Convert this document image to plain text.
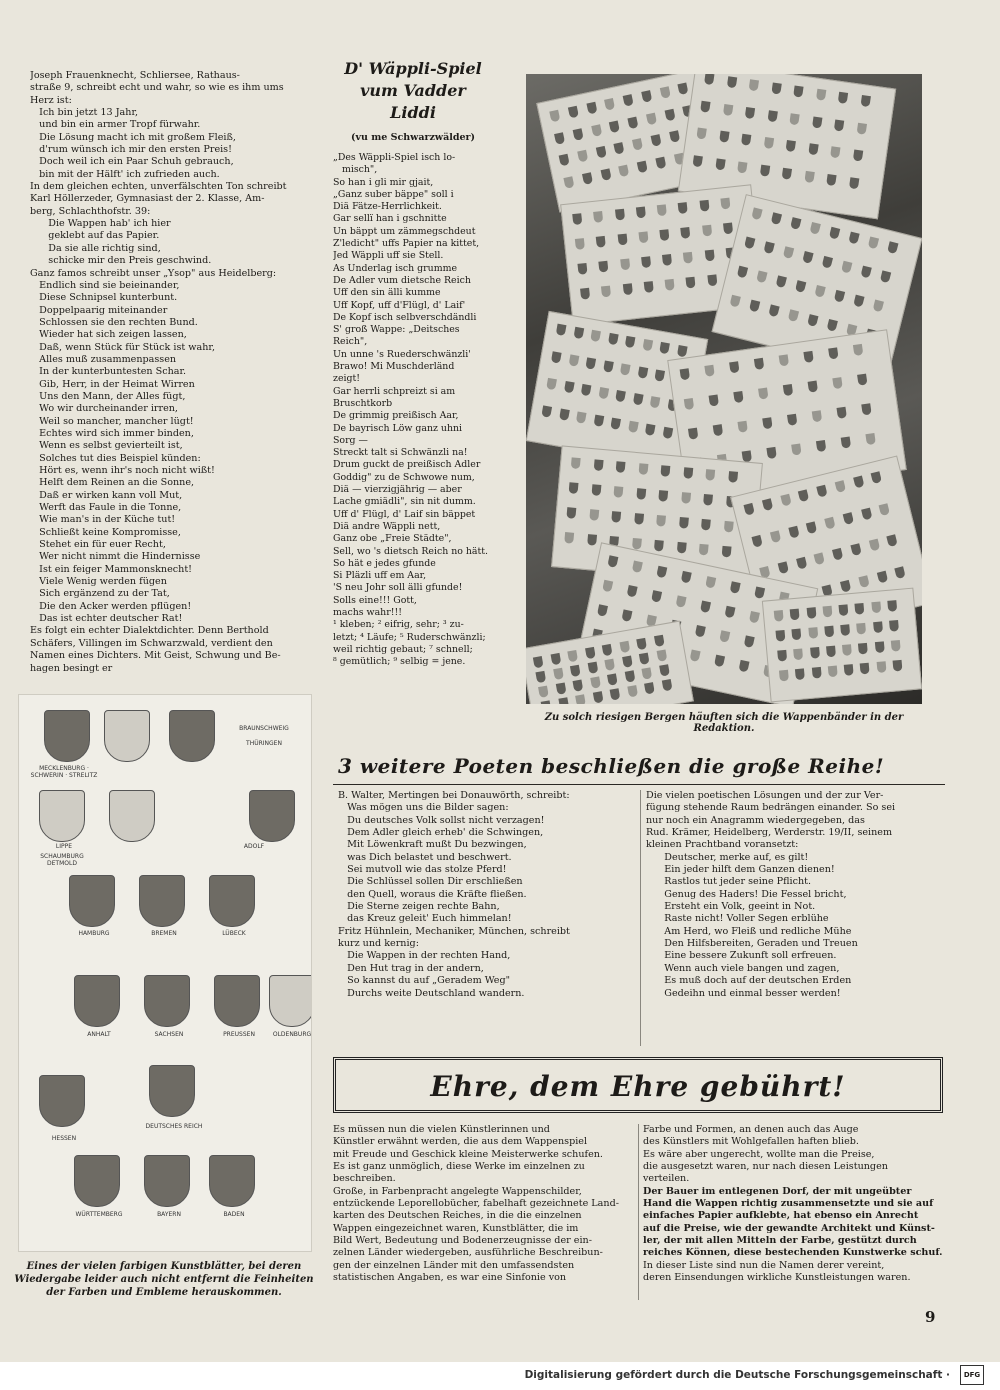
Joseph Frauenknecht, Schliersee, Rathaus-
straße 9, schreibt echt und wahr, so wie es ihm ums
Herz ist:
Ich bin jetzt 13 Jahr,
und bin ein armer Tropf fürwahr.
Die Lösung macht ich mit großem Fleiß,
d'rum wünsch ich mir den ersten Preis!
Doch weil ich ein Paar Schuh gebrauch,
bin mit der Hälft' ich zufrieden auch.
In dem gleichen echten, unverfälschten Ton schreibt
Karl Höllerzeder, Gymnasiast der 2. Klasse, Am-
berg, Schlachthofstr. 39:
Die Wappen hab' ich hier
geklebt auf das Papier.
Da sie alle richtig sind,
schicke mir den Preis geschwind.
Ganz famos schreibt unser „Ysop" aus Heidelberg:
Endlich sind sie beieinander,
Diese Schnipsel kunterbunt.
Doppelpaarig miteinander
Schlossen sie den rechten Bund.
Wieder hat sich zeigen lassen,
Daß, wenn Stück für Stück ist wahr,
Alles muß zusammenpassen
In der kunterbuntesten Schar.
Gib, Herr, in der Heimat Wirren
Uns den Mann, der Alles fügt,
Wo wir durcheinander irren,
Weil so mancher, mancher lügt!
Echtes wird sich immer binden,
Wenn es selbst gevierteilt ist,
Solches tut dies Beispiel künden:
Hört es, wenn ihr's noch nicht wißt!
Helft dem Reinen an die Sonne,
Daß er wirken kann voll Mut,
Werft das Faule in die Tonne,
Wie man's in der Küche tut!
Schließt keine Kompromisse,
Stehet ein für euer Recht,
Wer nicht nimmt die Hindernisse
Ist ein feiger Mammonsknecht!
Viele Wenig werden fügen
Sich ergänzend zu der Tat,
Die den Acker werden pflügen!
Das ist echter deutscher Rat!
Es folgt ein echter Dialektdichter. Denn Berthold
Schäfers, Villingen im Schwarzwald, verdient den
Namen eines Dichters. Mit Geist, Schwung und Be-
hagen besingt er
D' Wäppli-Spiel vum Vadder Liddi
(vu me Schwarzwälder)
„Des Wäppli-Spiel isch lo-
misch",
So han i gli mir gjait,
„Ganz suber bäppe" soll i
Diä Fätze-Herrlichkeit.
Gar sellï han i gschnitte
Un bäppt um zämmegschdeut
Z'ledicht" uffs Papier na kittet,
Jed Wäppli uff sie Stell.
As Underlag isch grumme
De Adler vum dietsche Reich
Uff den sin älli kumme
Uff Kopf, uff d'Flügl, d' Laif'
De Kopf isch selbverschdändli
S' groß Wappe: „Deitsches
Reich",
Un unne 's Ruederschwänzli'
Brawo! Mi Muschderländ
zeigt!
Gar herrli schpreizt si am
Bruschtkorb
De grimmig preißisch Aar,
De bayrisch Löw ganz uhni
Sorg —
Streckt talt si Schwänzli na!
Drum guckt de preißisch Adler
Goddig" zu de Schwowe num,
Diä — vierzigjährig — aber
Lache gmiädli", sin nit dumm.
Uff d' Flügl, d' Laif sin bäppet
Diä andre Wäppli nett,
Ganz obe „Freie Städte",
Sell, wo 's dietsch Reich no hätt.
So hät e jedes gfunde
Si Pläzli uff em Aar,
'S neu Johr soll älli gfunde!
Solls eine!!! Gott,
machs wahr!!!
¹ kleben; ² eifrig, sehr; ³ zu-
letzt; ⁴ Läufe; ⁵ Ruderschwänzli;
weil richtig gebaut; ⁷ schnell;
⁸ gemütlich; ⁹ selbig = jene.
Zu solch riesigen Bergen häuften sich die Wappenbänder in der Redaktion.
BRAUNSCHWEIG
THÜRINGEN
MECKLENBURG · SCHWERIN · STRELITZ
LIPPE
SCHAUMBURG DETMOLD
ADOLF
HAMBURG	BREMEN	LÜBECK
ANHALT	SACHSEN	PREUSSEN	OLDENBURG
HESSEN
DEUTSCHES REICH
WÜRTTEMBERG	BAYERN	BADEN
Eines der vielen farbigen Kunstblätter, bei deren Wiedergabe leider auch nicht entfernt die Feinheiten der Farben und Embleme herauskommen.
3 weitere Poeten beschließen die große Reihe!
B. Walter, Mertingen bei Donauwörth, schreibt:
Was mögen uns die Bilder sagen:
Du deutsches Volk sollst nicht verzagen!
Dem Adler gleich erheb' die Schwingen,
Mit Löwenkraft mußt Du bezwingen,
was Dich belastet und beschwert.
Sei mutvoll wie das stolze Pferd!
Die Schlüssel sollen Dir erschließen
den Quell, woraus die Kräfte fließen.
Die Sterne zeigen rechte Bahn,
das Kreuz geleit' Euch himmelan!
Fritz Hühnlein, Mechaniker, München, schreibt
kurz und kernig:
Die Wappen in der rechten Hand,
Den Hut trag in der andern,
So kannst du auf „Geradem Weg"
Durchs weite Deutschland wandern.
Die vielen poetischen Lösungen und der zur Ver-
fügung stehende Raum bedrängen einander. So sei
nur noch ein Anagramm wiedergegeben, das
Rud. Krämer, Heidelberg, Werderstr. 19/II, seinem
kleinen Prachtband voransetzt:
Deutscher, merke auf, es gilt!
Ein jeder hilft dem Ganzen dienen!
Rastlos tut jeder seine Pflicht.
Genug des Haders! Die Fessel bricht,
Ersteht ein Volk, geeint in Not.
Raste nicht! Voller Segen erblühe
Am Herd, wo Fleiß und redliche Mühe
Den Hilfsbereiten, Geraden und Treuen
Eine bessere Zukunft soll erfreuen.
Wenn auch viele bangen und zagen,
Es muß doch auf der deutschen Erden
Gedeihn und einmal besser werden!
Ehre, dem Ehre gebührt!
Es müssen nun die vielen Künstlerinnen und
Künstler erwähnt werden, die aus dem Wappenspiel
mit Freude und Geschick kleine Meisterwerke schufen.
Es ist ganz unmöglich, diese Werke im einzelnen zu
beschreiben.
Große, in Farbenpracht angelegte Wappenschilder,
entzückende Leporellobücher, fabelhaft gezeichnete Land-
karten des Deutschen Reiches, in die die einzelnen
Wappen eingezeichnet waren, Kunstblätter, die im
Bild Wert, Bedeutung und Bodenerzeugnisse der ein-
zelnen Länder wiedergeben, ausführliche Beschreibun-
gen der einzelnen Länder mit den umfassendsten
statistischen Angaben, es war eine Sinfonie von
Farbe und Formen, an denen auch das Auge
des Künstlers mit Wohlgefallen haften blieb.
Es wäre aber ungerecht, wollte man die Preise,
die ausgesetzt waren, nur nach diesen Leistungen
verteilen.
Der Bauer im entlegenen Dorf, der mit ungeübter
Hand die Wappen richtig zusammensetzte und sie auf
einfaches Papier aufklebte, hat ebenso ein Anrecht
auf die Preise, wie der gewandte Architekt und Künst-
ler, der mit allen Mitteln der Farbe, gestützt durch
reiches Können, diese bestechenden Kunstwerke schuf.
In dieser Liste sind nun die Namen derer vereint,
deren Einsendungen wirkliche Kunstleistungen waren.
9
Digitalisierung gefördert durch die Deutsche Forschungsgemeinschaft ·	DFG
